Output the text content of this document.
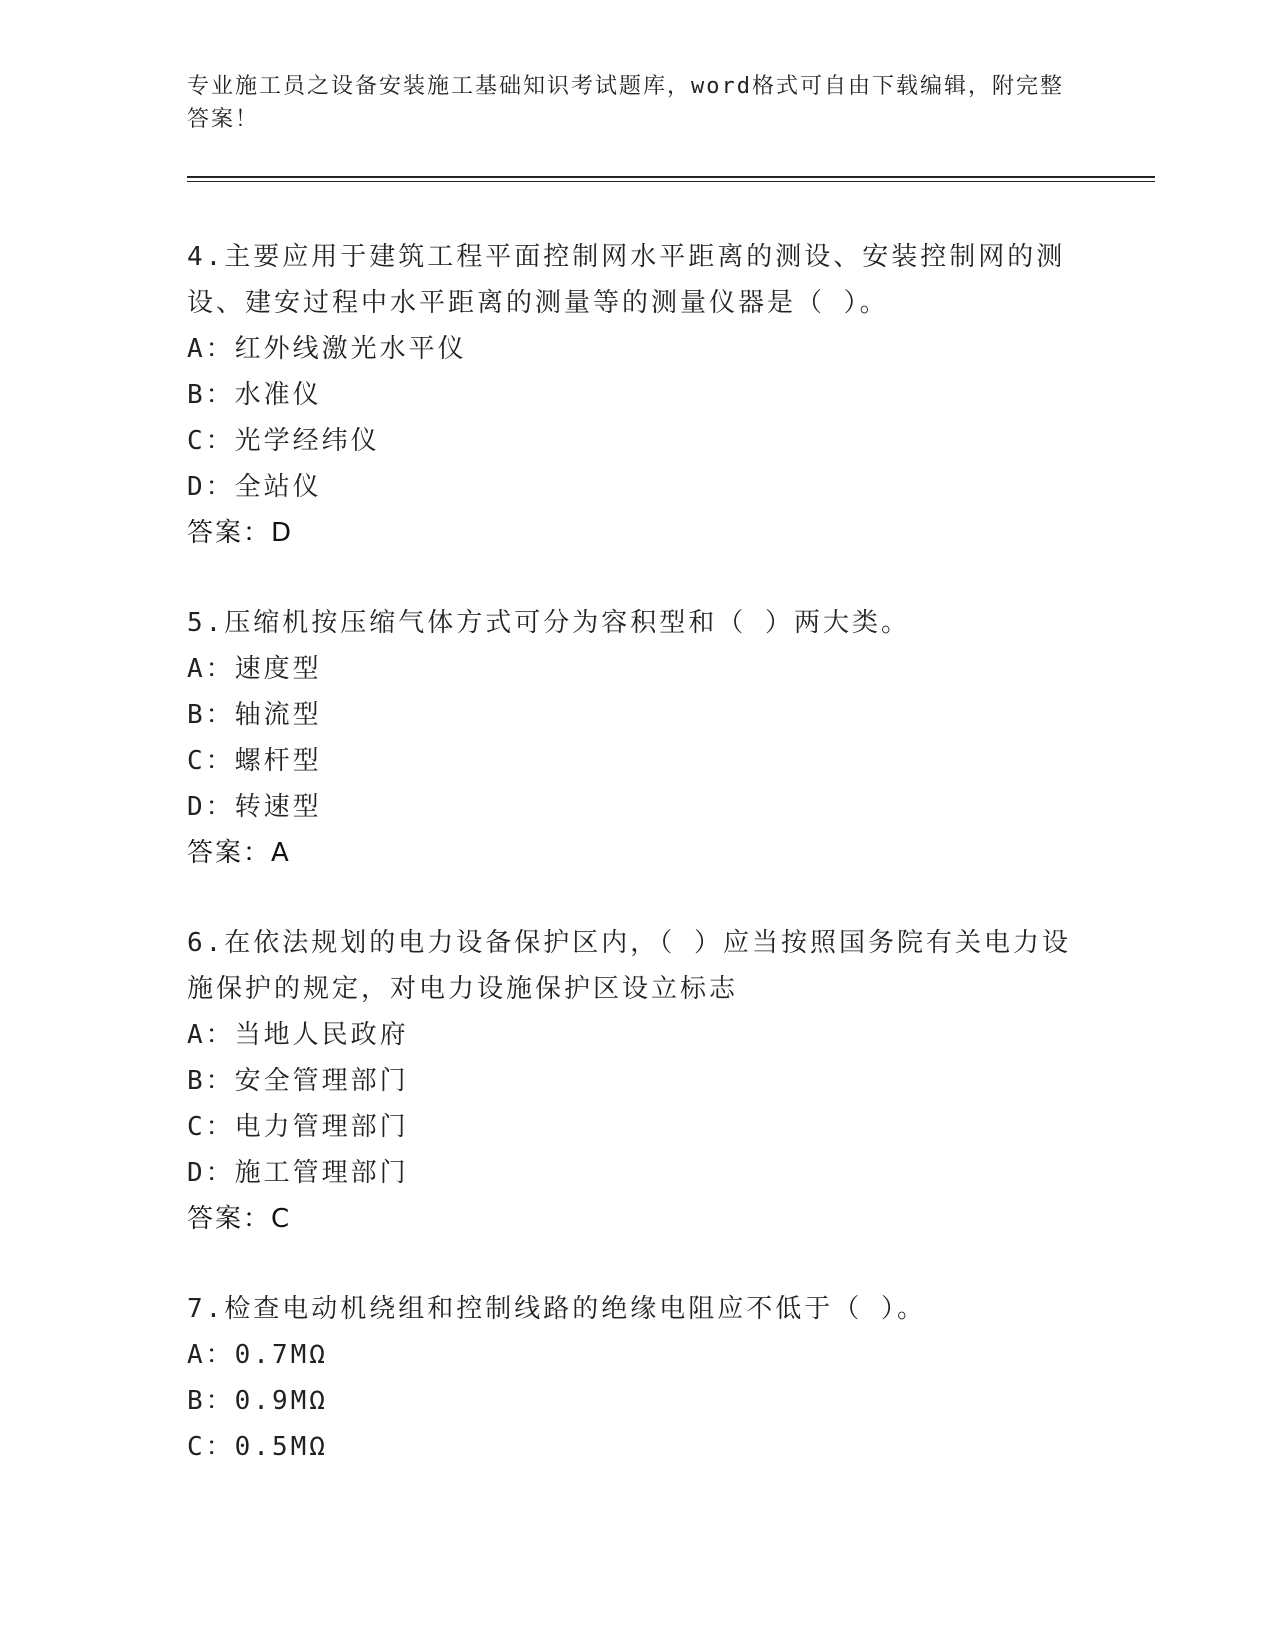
专业施工员之设备安装施工基础知识考试题库，word格式可自由下载编辑，附完整答案！

4.主要应用于建筑工程平面控制网水平距离的测设、安装控制网的测设、建安过程中水平距离的测量等的测量仪器是（ ）。

A：红外线激光水平仪

B：水准仪

C：光学经纬仪

D：全站仪

答案：D

5.压缩机按压缩气体方式可分为容积型和（ ）两大类。

A：速度型

B：轴流型

C：螺杆型

D：转速型

答案：A

6.在依法规划的电力设备保护区内，（ ）应当按照国务院有关电力设施保护的规定，对电力设施保护区设立标志

A：当地人民政府

B：安全管理部门

C：电力管理部门

D：施工管理部门

答案：C

7.检查电动机绕组和控制线路的绝缘电阻应不低于（ ）。

A：0.7MΩ

B：0.9MΩ

C：0.5MΩ
